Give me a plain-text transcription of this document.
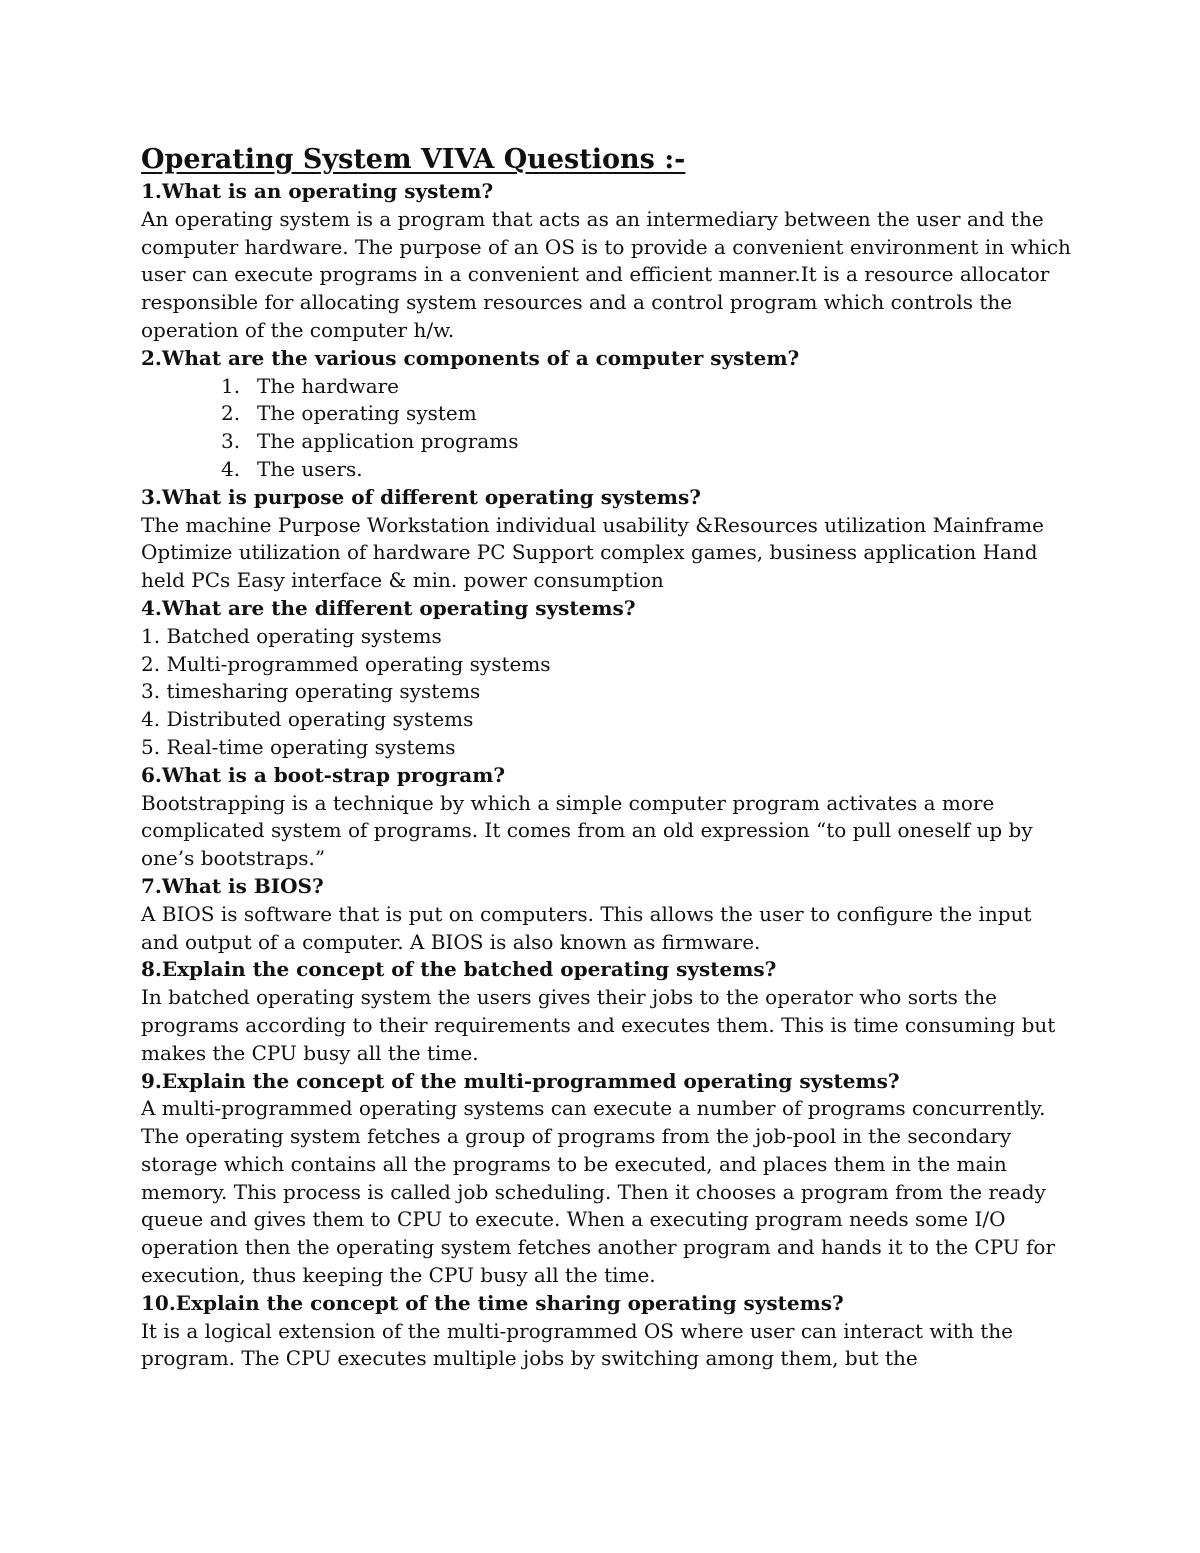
Operating System VIVA Questions :-

1.What is an operating system?

An operating system is a program that acts as an intermediary between the user and the computer hardware. The purpose of an OS is to provide a convenient environment in which user can execute programs in a convenient and efficient manner.It is a resource allocator responsible for allocating system resources and a control program which controls the operation of the computer h/w.

2.What are the various components of a computer system?

1. The hardware
2. The operating system
3. The application programs
4. The users.

3.What is purpose of different operating systems?

The machine Purpose Workstation individual usability &Resources utilization Mainframe Optimize utilization of hardware PC Support complex games, business application Hand held PCs Easy interface & min. power consumption

4.What are the different operating systems?

1. Batched operating systems

2. Multi-programmed operating systems

3. timesharing operating systems

4. Distributed operating systems

5. Real-time operating systems

6.What is a boot-strap program?

Bootstrapping is a technique by which a simple computer program activates a more complicated system of programs. It comes from an old expression “to pull oneself up by one’s bootstraps.”

7.What is BIOS?

A BIOS is software that is put on computers. This allows the user to configure the input and output of a computer. A BIOS is also known as firmware.

8.Explain the concept of the batched operating systems?

In batched operating system the users gives their jobs to the operator who sorts the programs according to their requirements and executes them. This is time consuming but makes the CPU busy all the time.

9.Explain the concept of the multi-programmed operating systems?

A multi-programmed operating systems can execute a number of programs concurrently. The operating system fetches a group of programs from the job-pool in the secondary storage which contains all the programs to be executed, and places them in the main memory. This process is called job scheduling. Then it chooses a program from the ready queue and gives them to CPU to execute. When a executing program needs some I/O operation then the operating system fetches another program and hands it to the CPU for execution, thus keeping the CPU busy all the time.

10.Explain the concept of the time sharing operating systems?

It is a logical extension of the multi-programmed OS where user can interact with the program. The CPU executes multiple jobs by switching among them, but the
